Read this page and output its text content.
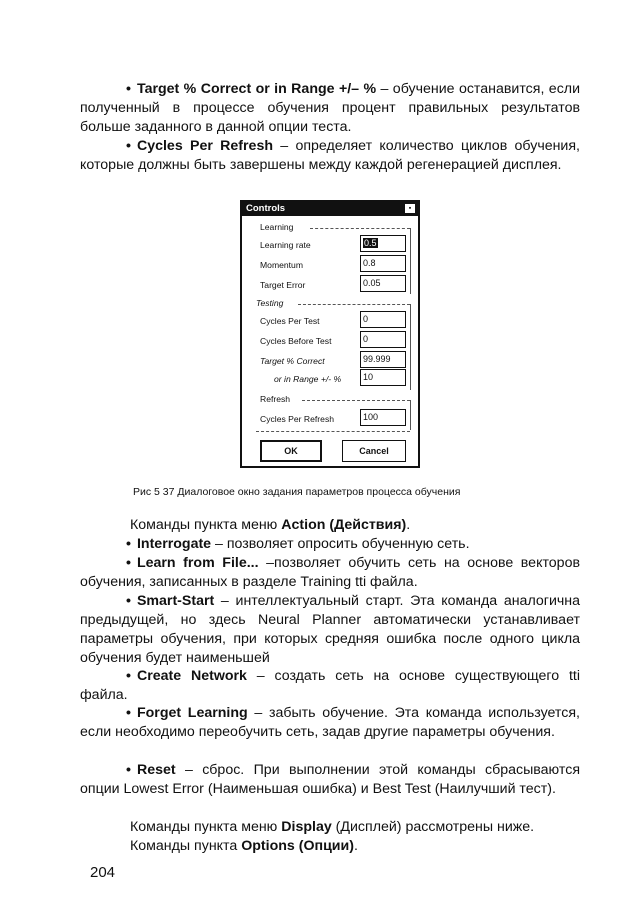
• Target % Correct or in Range +/– % – обучение останавится, если полученный в процессе обучения процент правильных результатов больше заданного в данной опции теста.

• Cycles Per Refresh – определяет количество циклов обучения, которые должны быть завершены между каждой регенерацией дисплея.

Controls	▪
Learning
Learning rate	0.5
Momentum	0.8
Target Error	0.05
Testing
Cycles Per Test	0
Cycles Before Test	0
Target % Correct	99.999
or in Range +/- %	10
Refresh
Cycles Per Refresh	100
OK	Cancel
Рис 5 37 Диалоговое окно задания параметров процесса обучения

Команды пункта меню Action (Действия).

• Interrogate – позволяет опросить обученную сеть.

• Learn from File... –позволяет обучить сеть на основе векторов обучения, записанных в разделе Training tti файла.

• Smart-Start – интеллектуальный старт. Эта команда аналогична предыдущей, но здесь Neural Planner автоматически устанавливает параметры обучения, при которых средняя ошибка после одного цикла обучения будет наименьшей

• Create Network – создать сеть на основе существующего tti файла.

• Forget Learning – забыть обучение. Эта команда используется, если необходимо переобучить сеть, задав другие параметры обучения.

• Reset – сброс. При выполнении этой команды сбрасываются опции Lowest Error (Наименьшая ошибка) и Best Test (Наилучший тест).

Команды пункта меню Display (Дисплей) рассмотрены ниже.

Команды пункта Options (Опции).

204
